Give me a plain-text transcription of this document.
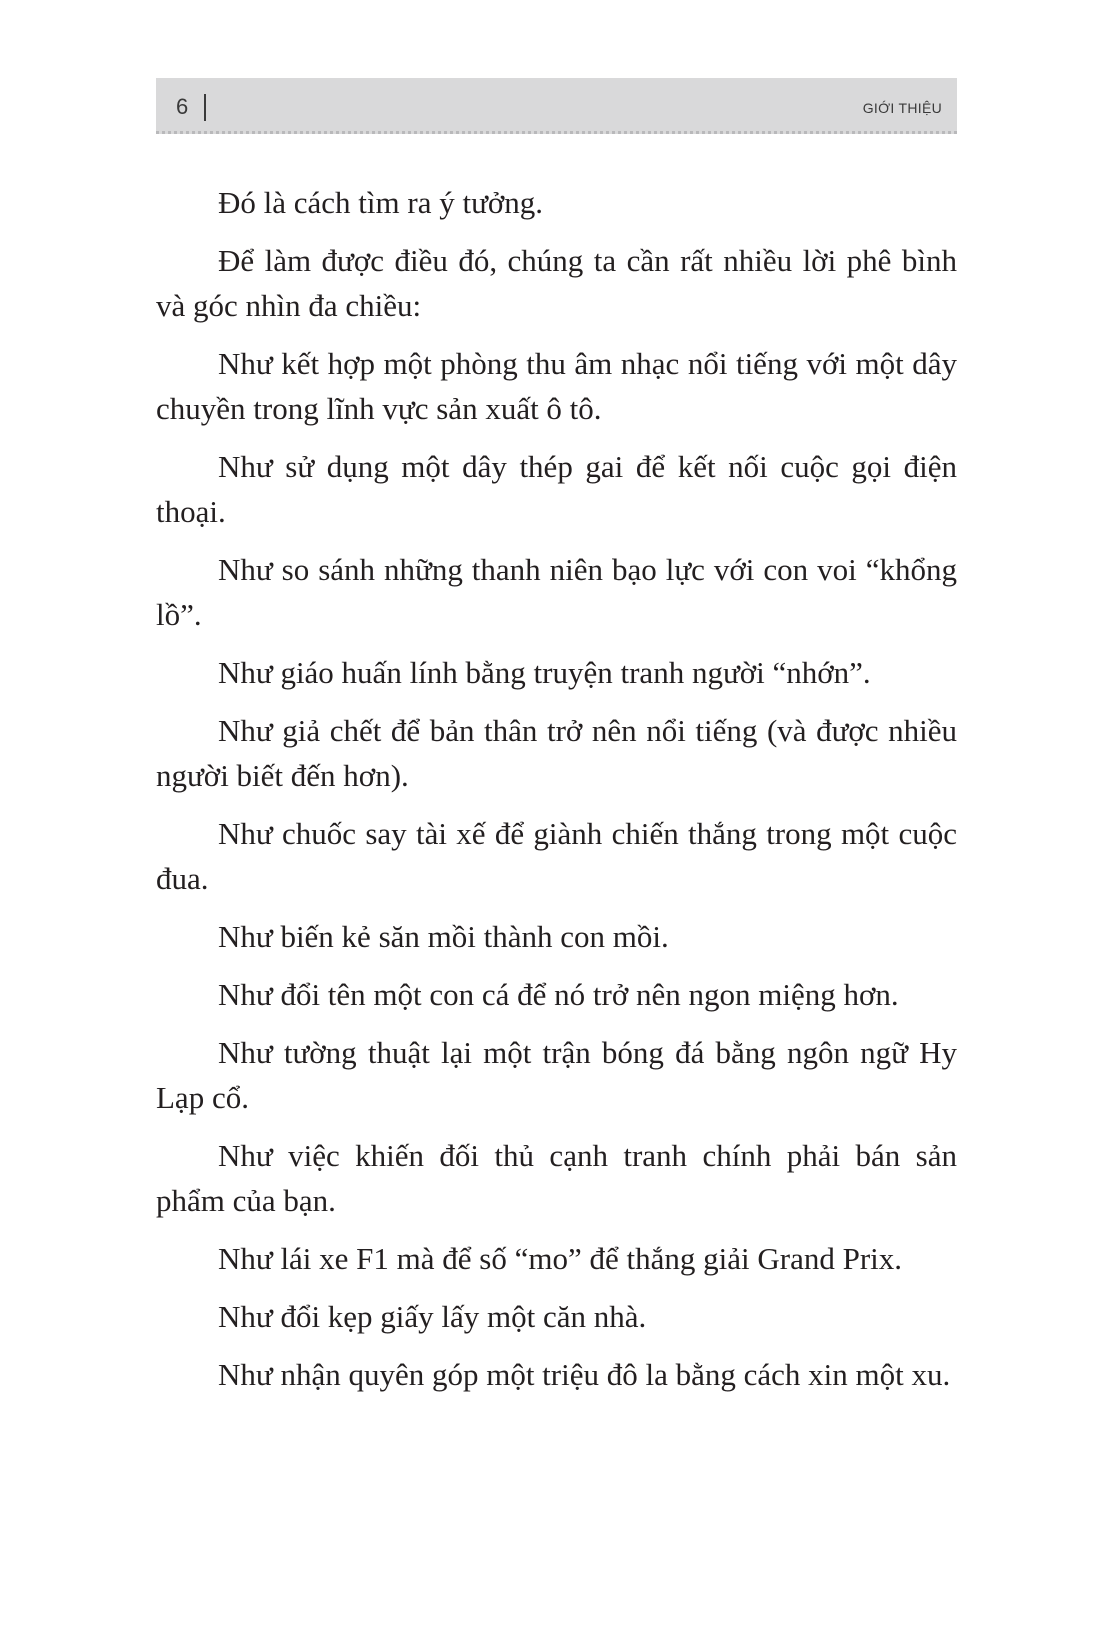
6	GIỚI THIỆU

Đó là cách tìm ra ý tưởng.

Để làm được điều đó, chúng ta cần rất nhiều lời phê bình và góc nhìn đa chiều:

Như kết hợp một phòng thu âm nhạc nổi tiếng với một dây chuyền trong lĩnh vực sản xuất ô tô.

Như sử dụng một dây thép gai để kết nối cuộc gọi điện thoại.

Như so sánh những thanh niên bạo lực với con voi “khổng lồ”.

Như giáo huấn lính bằng truyện tranh người “nhớn”.

Như giả chết để bản thân trở nên nổi tiếng (và được nhiều người biết đến hơn).

Như chuốc say tài xế để giành chiến thắng trong một cuộc đua.

Như biến kẻ săn mồi thành con mồi.

Như đổi tên một con cá để nó trở nên ngon miệng hơn.

Như tường thuật lại một trận bóng đá bằng ngôn ngữ Hy Lạp cổ.

Như việc khiến đối thủ cạnh tranh chính phải bán sản phẩm của bạn.

Như lái xe F1 mà để số “mo” để thắng giải Grand Prix.

Như đổi kẹp giấy lấy một căn nhà.

Như nhận quyên góp một triệu đô la bằng cách xin một xu.
